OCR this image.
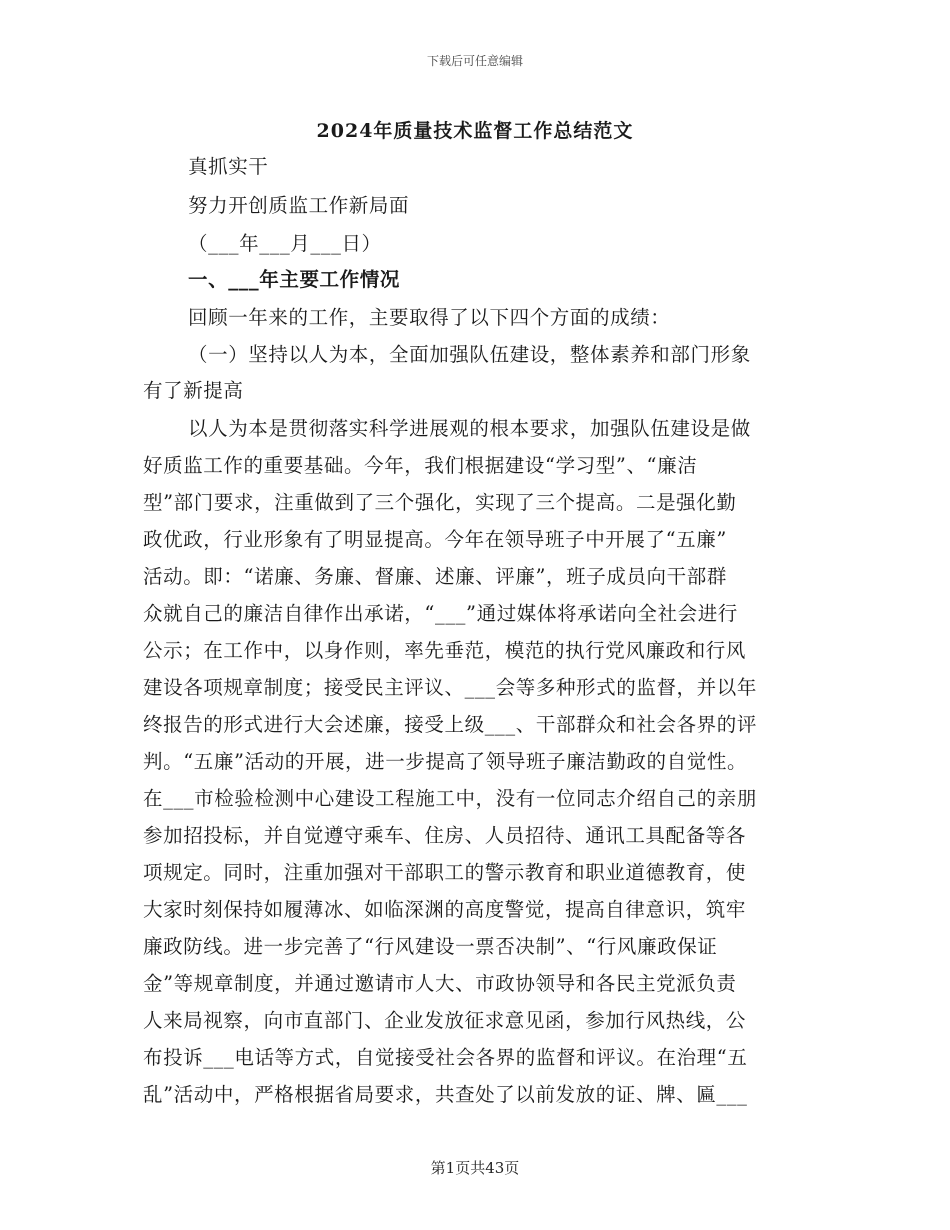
下载后可任意编辑
2024年质量技术监督工作总结范文
真抓实干
努力开创质监工作新局面
（___年___月___日）
一、___年主要工作情况
回顾一年来的工作，主要取得了以下四个方面的成绩：
（一）坚持以人为本，全面加强队伍建设，整体素养和部门形象
有了新提高
以人为本是贯彻落实科学进展观的根本要求，加强队伍建设是做
好质监工作的重要基础。今年，我们根据建设“学习型”、“廉洁
型”部门要求，注重做到了三个强化，实现了三个提高。二是强化勤
政优政，行业形象有了明显提高。今年在领导班子中开展了“五廉”
活动。即：“诺廉、务廉、督廉、述廉、评廉”，班子成员向干部群
众就自己的廉洁自律作出承诺，“___”通过媒体将承诺向全社会进行
公示；在工作中，以身作则，率先垂范，模范的执行党风廉政和行风
建设各项规章制度；接受民主评议、___会等多种形式的监督，并以年
终报告的形式进行大会述廉，接受上级___、干部群众和社会各界的评
判。“五廉”活动的开展，进一步提高了领导班子廉洁勤政的自觉性。
在___市检验检测中心建设工程施工中，没有一位同志介绍自己的亲朋
参加招投标，并自觉遵守乘车、住房、人员招待、通讯工具配备等各
项规定。同时，注重加强对干部职工的警示教育和职业道德教育，使
大家时刻保持如履薄冰、如临深渊的高度警觉，提高自律意识，筑牢
廉政防线。进一步完善了“行风建设一票否决制”、“行风廉政保证
金”等规章制度，并通过邀请市人大、市政协领导和各民主党派负责
人来局视察，向市直部门、企业发放征求意见函，参加行风热线，公
布投诉___电话等方式，自觉接受社会各界的监督和评议。在治理“五
乱”活动中，严格根据省局要求，共查处了以前发放的证、牌、匾___
第1页共43页
